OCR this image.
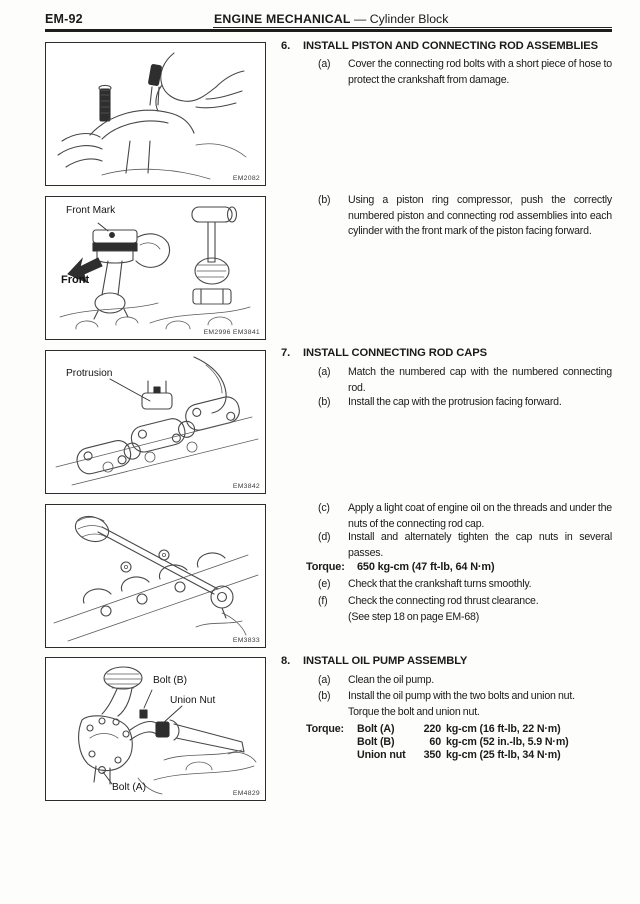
EM-92	ENGINE MECHANICAL — Cylinder Block
EM2082
Front Mark
Front
EM2996 EM3841
Protrusion
EM3842
EM3833
Bolt (B)
Union Nut
Bolt (A)
EM4829
6.	INSTALL PISTON AND CONNECTING ROD ASSEMBLIES
(a)	Cover the connecting rod bolts with a short piece of hose to protect the crankshaft from damage.
(b)	Using a piston ring compressor, push the correctly numbered piston and connecting rod assemblies into each cylinder with the front mark of the piston facing forward.
7.	INSTALL CONNECTING ROD CAPS
(a)	Match the numbered cap with the numbered connecting rod.
(b)	Install the cap with the protrusion facing forward.
(c)	Apply a light coat of engine oil on the threads and under the nuts of the connecting rod cap.
(d)	Install and alternately tighten the cap nuts in several passes.
Torque:	650 kg-cm (47 ft-lb, 64 N·m)
(e)	Check that the crankshaft turns smoothly.
(f)	Check the connecting rod thrust clearance.
(See step 18 on page EM-68)
8.	INSTALL OIL PUMP ASSEMBLY
(a)	Clean the oil pump.
(b)	Install the oil pump with the two bolts and union nut.
Torque the bolt and union nut.
Torque:	Bolt (A)	220 kg-cm (16 ft-lb, 22 N·m)
Bolt (B)	60 kg-cm (52 in.-lb, 5.9 N·m)
Union nut	350 kg-cm (25 ft-lb, 34 N·m)
